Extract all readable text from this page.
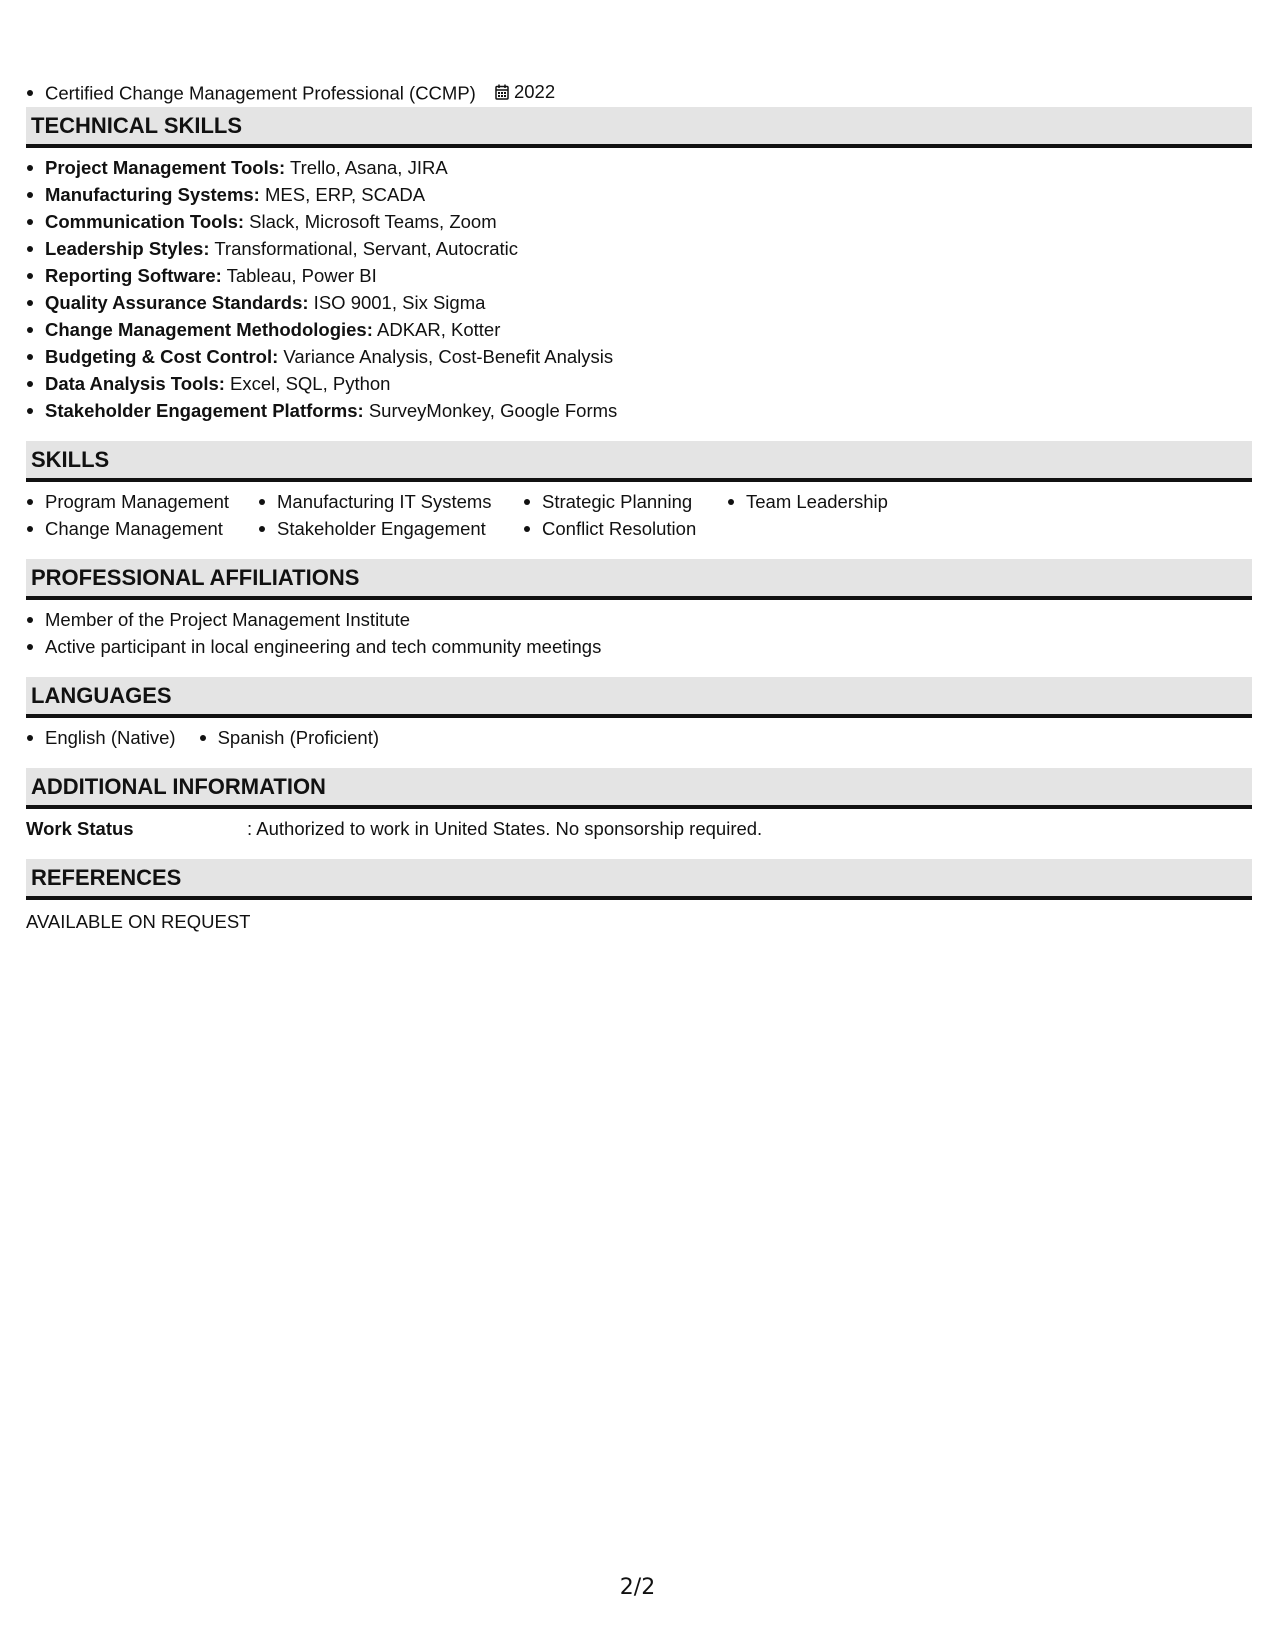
Certified Change Management Professional (CCMP) 2022
TECHNICAL SKILLS
Project Management Tools: Trello, Asana, JIRA
Manufacturing Systems: MES, ERP, SCADA
Communication Tools: Slack, Microsoft Teams, Zoom
Leadership Styles: Transformational, Servant, Autocratic
Reporting Software: Tableau, Power BI
Quality Assurance Standards: ISO 9001, Six Sigma
Change Management Methodologies: ADKAR, Kotter
Budgeting & Cost Control: Variance Analysis, Cost-Benefit Analysis
Data Analysis Tools: Excel, SQL, Python
Stakeholder Engagement Platforms: SurveyMonkey, Google Forms
SKILLS
Program Management
Change Management
Manufacturing IT Systems
Stakeholder Engagement
Strategic Planning
Conflict Resolution
Team Leadership
PROFESSIONAL AFFILIATIONS
Member of the Project Management Institute
Active participant in local engineering and tech community meetings
LANGUAGES
English (Native)	Spanish (Proficient)
ADDITIONAL INFORMATION
Work Status	: Authorized to work in United States. No sponsorship required.
REFERENCES
AVAILABLE ON REQUEST
2/2
